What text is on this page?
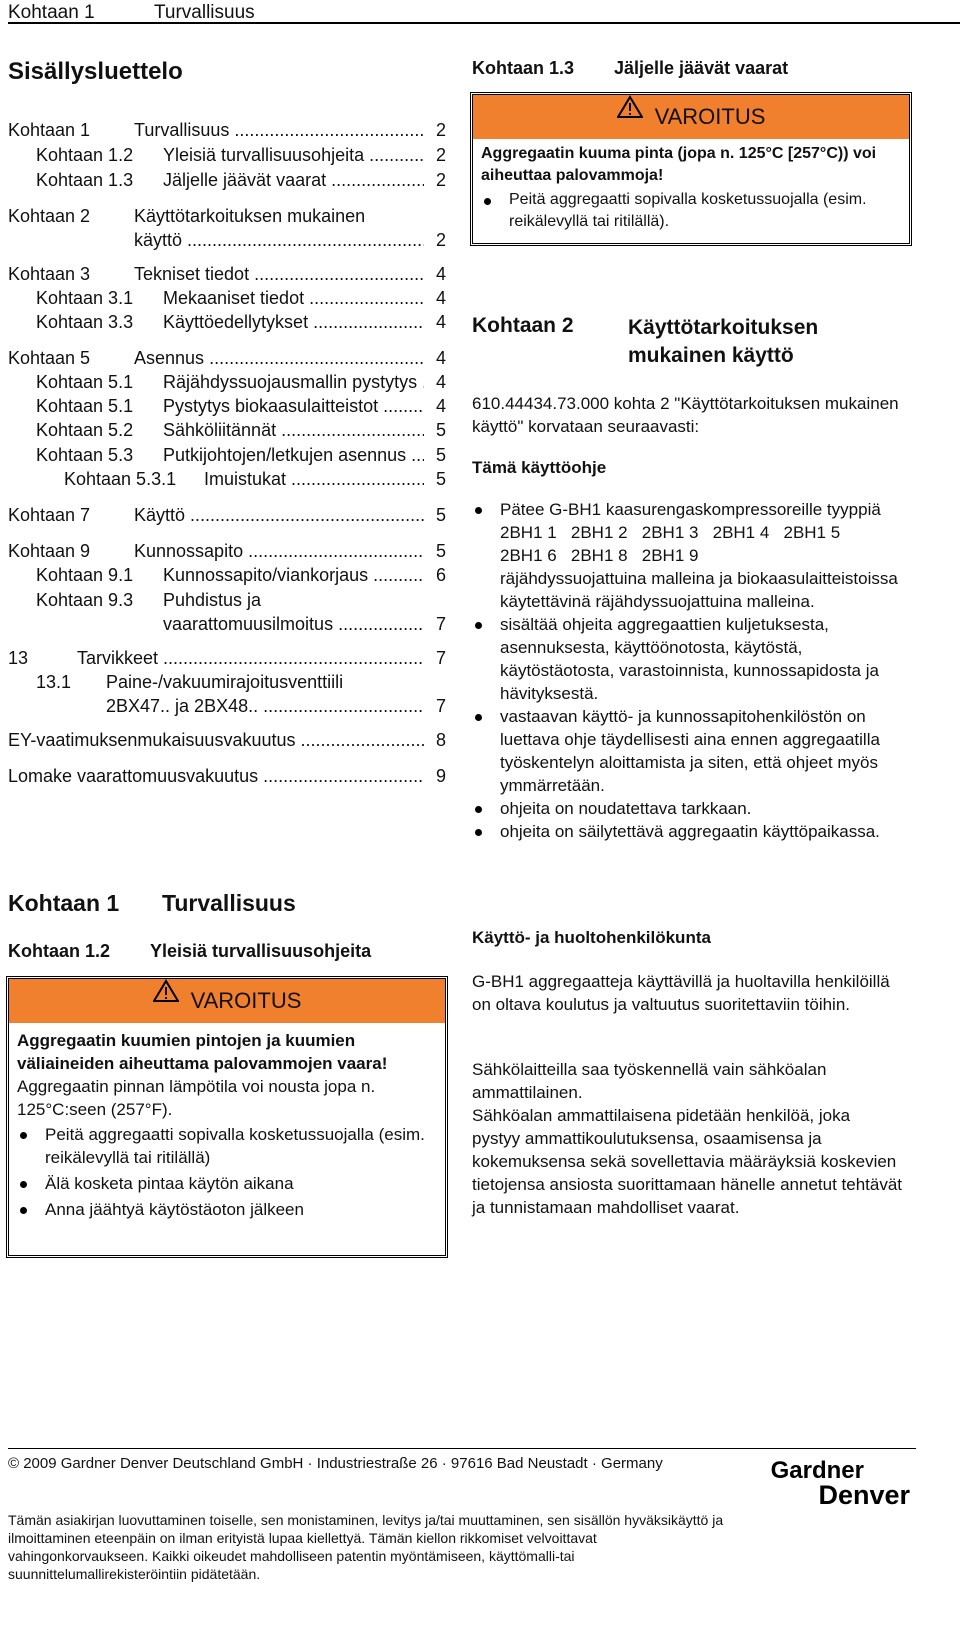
Kohtaan 1	Turvallisuus
Sisällysluettelo
Kohtaan 1 Turvallisuus .....	2
Kohtaan 1.2 Yleisiä turvallisuusohjeita .....	2
Kohtaan 1.3 Jäljelle jäävät vaarat .....	2
Kohtaan 2 Käyttötarkoituksen mukainen
käyttö .....	2
Kohtaan 3 Tekniset tiedot .....	4
Kohtaan 3.1 Mekaaniset tiedot .....	4
Kohtaan 3.3 Käyttöedellytykset .....	4
Kohtaan 5 Asennus .....	4
Kohtaan 5.1 Räjähdyssuojausmallin pystytys .....	4
Kohtaan 5.1 Pystytys biokaasulaitteistot .....	4
Kohtaan 5.2 Sähköliitännät .....	5
Kohtaan 5.3 Putkijohtojen/letkujen asennus .....	5
Kohtaan 5.3.1 Imuistukat .....	5
Kohtaan 7 Käyttö .....	5
Kohtaan 9 Kunnossapito .....	5
Kohtaan 9.1 Kunnossapito/viankorjaus .....	6
Kohtaan 9.3 Puhdistus ja
vaarattomuusilmoitus .....	7
13	Tarvikkeet .....	7
13.1 Paine-/vakuumirajoitusventtiili
2BX47.. ja 2BX48.. .....	7
EY-vaatimuksenmukaisuusvakuutus .....	8
Lomake vaarattomuusvakuutus .....	9
Kohtaan 1 Turvallisuus
Kohtaan 1.2 Yleisiä turvallisuusohjeita
VAROITUS
Aggregaatin kuumien pintojen ja kuumien väliaineiden aiheuttama palovammojen vaara!
Aggregaatin pinnan lämpötila voi nousta jopa n. 125°C:seen (257°F).
Peitä aggregaatti sopivalla kosketussuojalla (esim. reikälevyllä tai ritilällä)
Älä kosketa pintaa käytön aikana
Anna jäähtyä käytöstäoton jälkeen
Kohtaan 1.3 Jäljelle jäävät vaarat
VAROITUS
Aggregaatin kuuma pinta (jopa n. 125°C [257°C)) voi aiheuttaa palovammoja!
Peitä aggregaatti sopivalla kosketussuojalla (esim. reikälevyllä tai ritilällä).
Kohtaan 2	Käyttötarkoituksen mukainen käyttö
610.44434.73.000 kohta 2 "Käyttötarkoituksen mukainen käyttö" korvataan seuraavasti:
Tämä käyttöohje
Pätee G-BH1 kaasurengaskompressoreille tyyppiä
2BH1 1   2BH1 2   2BH1 3   2BH1 4   2BH1 5
2BH1 6   2BH1 8   2BH1 9
räjähdyssuojattuina malleina ja biokaasulaitteistoissa käytettävinä räjähdyssuojattuina malleina.
sisältää ohjeita aggregaattien kuljetuksesta, asennuksesta, käyttöönotosta, käytöstä, käytöstäotosta, varastoinnista, kunnossapidosta ja hävityksestä.
vastaavan käyttö- ja kunnossapitohenkilöstön on luettava ohje täydellisesti aina ennen aggregaatilla työskentelyn aloittamista ja siten, että ohjeet myös ymmärretään.
ohjeita on noudatettava tarkkaan.
ohjeita on säilytettävä aggregaatin käyttöpaikassa.
Käyttö- ja huoltohenkilökunta
G-BH1 aggregaatteja käyttävillä ja huoltavilla henkilöillä on oltava koulutus ja valtuutus suoritettaviin töihin.
Sähkölaitteilla saa työskennellä vain sähköalan ammattilainen.
Sähköalan ammattilaisena pidetään henkilöä, joka pystyy ammattikoulutuksensa, osaamisensa ja kokemuksensa sekä sovellettavia määräyksiä koskevien tietojensa ansiosta suorittamaan hänelle annetut tehtävät ja tunnistamaan mahdolliset vaarat.
© 2009 Gardner Denver Deutschland GmbH · Industriestraße 26 · 97616 Bad Neustadt · Germany
Tämän asiakirjan luovuttaminen toiselle, sen monistaminen, levitys ja/tai muuttaminen, sen sisällön hyväksikäyttö ja ilmoittaminen eteenpäin on ilman erityistä lupaa kiellettyä. Tämän kiellon rikkomiset velvoittavat vahingonkorvaukseen. Kaikki oikeudet mahdolliseen patentin myöntämiseen, käyttömalli-tai suunnittelumallirekisteröintiin pidätetään.
Gardner
Denver
